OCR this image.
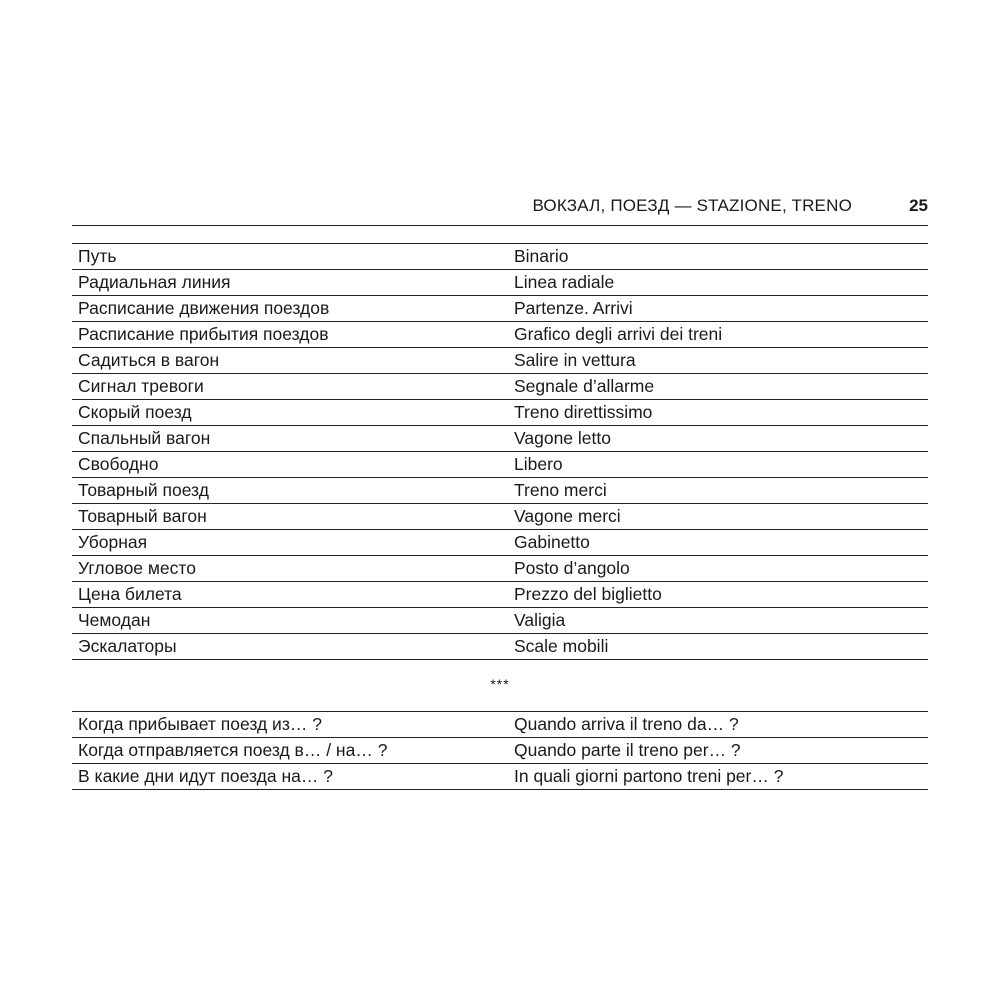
ВОКЗАЛ, ПОЕЗД — STAZIONE, TRENO	25
Путь	Binario
Радиальная линия	Linea radiale
Расписание движения поездов	Partenze. Arrivi
Расписание прибытия поездов	Grafico degli arrivi dei treni
Садиться в вагон	Salire in vettura
Сигнал тревоги	Segnale d’allarme
Скорый поезд	Treno direttissimo
Спальный вагон	Vagone letto
Свободно	Libero
Товарный поезд	Treno merci
Товарный вагон	Vagone merci
Уборная	Gabinetto
Угловое место	Posto d’angolo
Цена билета	Prezzo del biglietto
Чемодан	Valigia
Эскалаторы	Scale mobili
***
Когда прибывает поезд из… ?	Quando arriva il treno da… ?
Когда отправляется поезд в… / на… ?	Quando parte il treno per… ?
В какие дни идут поезда на… ?	In quali giorni partono treni per… ?
